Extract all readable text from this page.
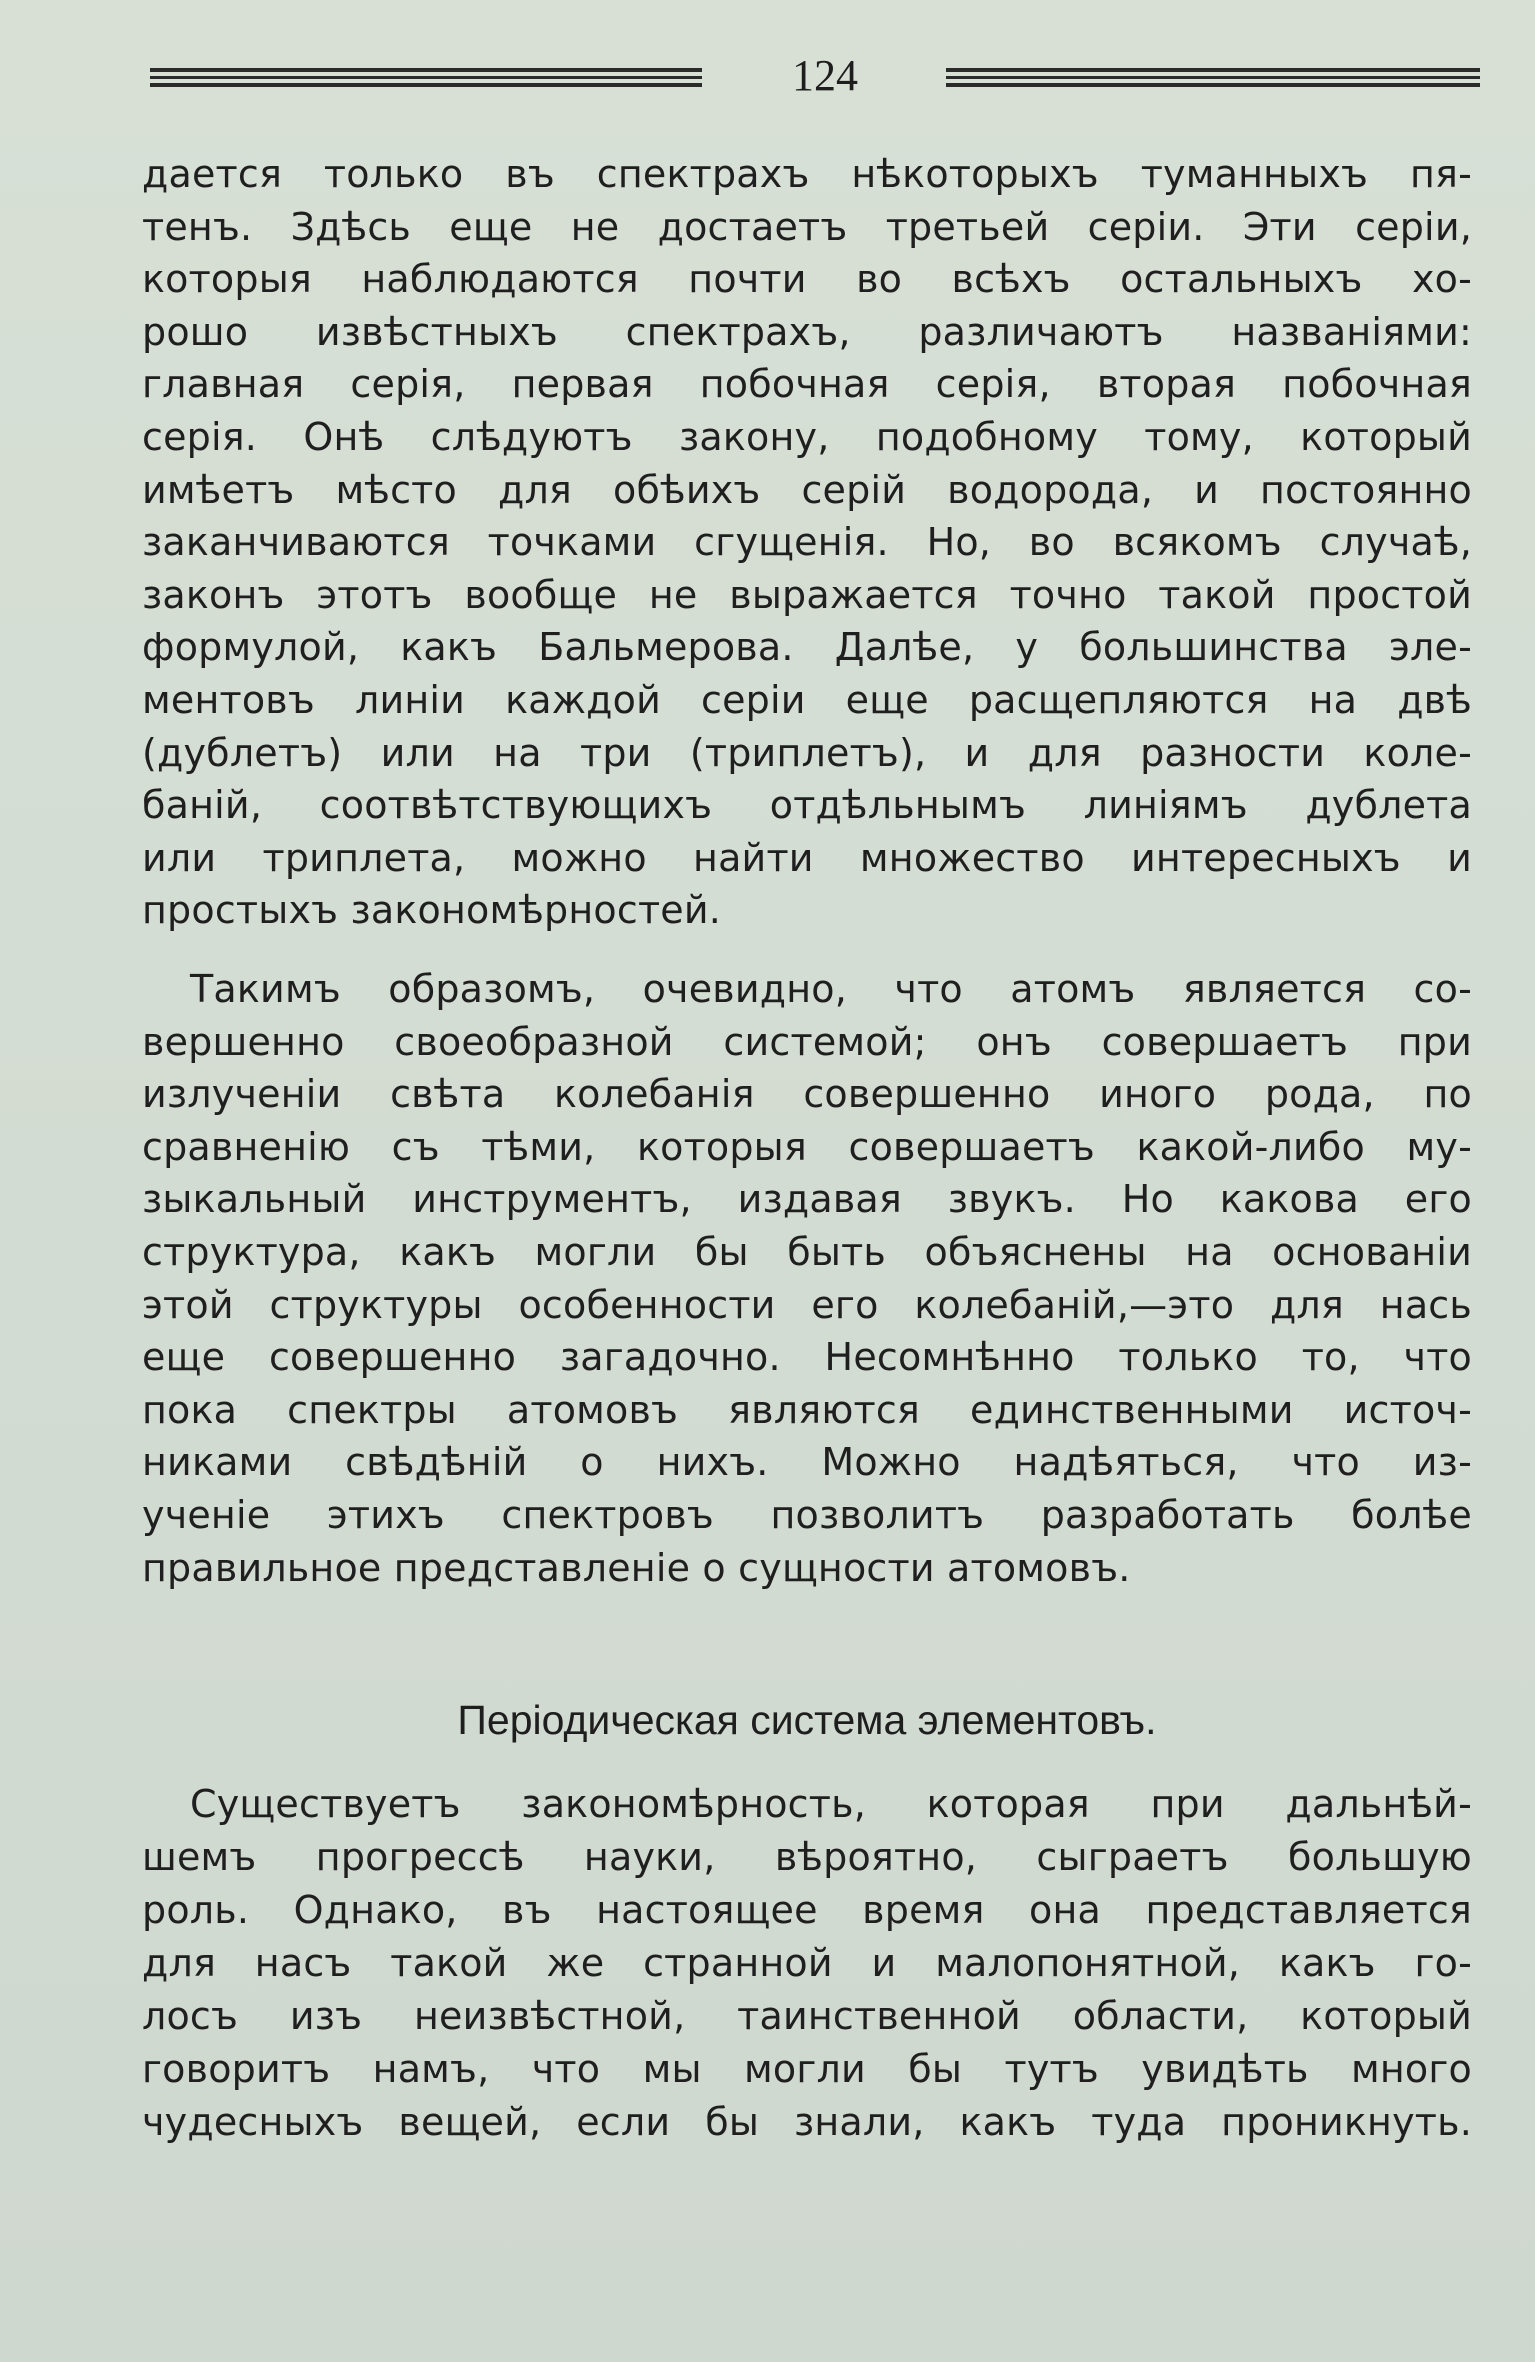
124
дается только въ спектрахъ нѣкоторыхъ туманныхъ пя-
тенъ. Здѣсь еще не достаетъ третьей серіи. Эти серіи,
которыя наблюдаются почти во всѣхъ остальныхъ хо-
рошо извѣстныхъ спектрахъ, различаютъ названіями:
главная серія, первая побочная серія, вторая побочная
серія. Онѣ слѣдуютъ закону, подобному тому, который
имѣетъ мѣсто для обѣихъ серій водорода, и постоянно
заканчиваются точками сгущенія. Но, во всякомъ случаѣ,
законъ этотъ вообще не выражается точно такой простой
формулой, какъ Бальмерова. Далѣе, у большинства эле-
ментовъ линіи каждой серіи еще расщепляются на двѣ
(дублетъ) или на три (триплетъ), и для разности коле-
баній, соотвѣтствующихъ отдѣльнымъ линіямъ дублета
или триплета, можно найти множество интересныхъ и
простыхъ закономѣрностей.
Такимъ образомъ, очевидно, что атомъ является со-
вершенно своеобразной системой; онъ совершаетъ при
излученіи свѣта колебанія совершенно иного рода, по
сравненію съ тѣми, которыя совершаетъ какой-либо му-
зыкальный инструментъ, издавая звукъ. Но какова его
структура, какъ могли бы быть объяснены на основаніи
этой структуры особенности его колебаній,—это для нась
еще совершенно загадочно. Несомнѣнно только то, что
пока спектры атомовъ являются единственными источ-
никами свѣдѣній о нихъ. Можно надѣяться, что из-
ученіе этихъ спектровъ позволитъ разработать болѣе
правильное представленіе о сущности атомовъ.
Періодическая система элементовъ.
Существуетъ закономѣрность, которая при дальнѣй-
шемъ прогрессѣ науки, вѣроятно, сыграетъ большую
роль. Однако, въ настоящее время она представляется
для насъ такой же странной и малопонятной, какъ го-
лосъ изъ неизвѣстной, таинственной области, который
говоритъ намъ, что мы могли бы тутъ увидѣть много
чудесныхъ вещей, если бы знали, какъ туда проникнуть.
